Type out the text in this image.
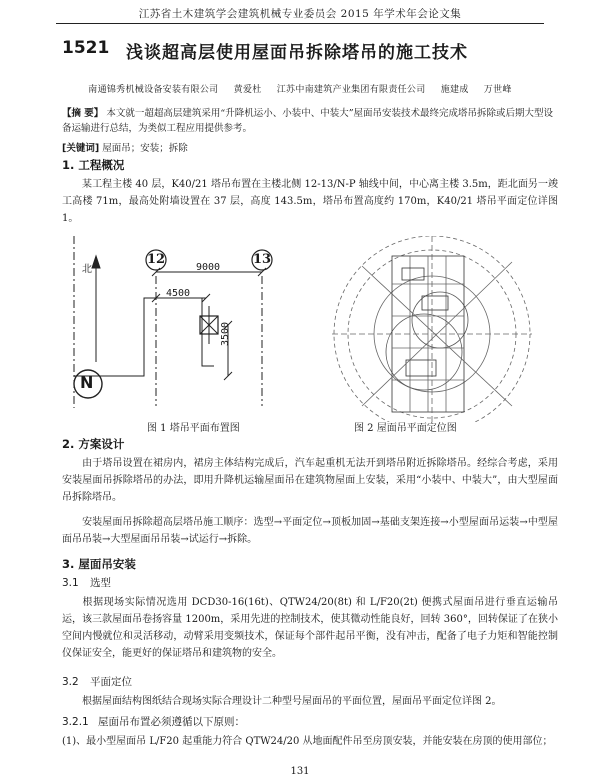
江苏省土木建筑学会建筑机械专业委员会 2015 年学术年会论文集
1521 浅谈超高层使用屋面吊拆除塔吊的施工技术
南通锦秀机械设备安装有限公司 黄爱杜 江苏中南建筑产业集团有限责任公司 施建成 万世峰
【摘 要】 本文就一超超高层建筑采用“升降机运小、小装中、中装大”屋面吊安装技术最终完成塔吊拆除或后期大型设备运输进行总结，为类似工程应用提供参考。
[关键词] 屋面吊；安装；拆除
1. 工程概况
某工程主楼 40 层，K40/21 塔吊布置在主楼北侧 12-13/N-P 轴线中间，中心离主楼 3.5m，距北面另一竣工高楼 71m，最高处附墙设置在 37 层，高度 143.5m，塔吊布置高度约 170m，K40/21 塔吊平面定位详图 1。
北
N
12	13
9000
4500
3500
图 1 塔吊平面布置图	图 2 屋面吊平面定位图
2. 方案设计
由于塔吊设置在裙房内，裙房主体结构完成后，汽车起重机无法开到塔吊附近拆除塔吊。经综合考虑，采用安装屋面吊拆除塔吊的办法，即用升降机运输屋面吊在建筑物屋面上安装，采用“小装中、中装大”，由大型屋面吊拆除塔吊。
安装屋面吊拆除超高层塔吊施工顺序：选型→平面定位→顶板加固→基础支架连接→小型屋面吊运装→中型屋面吊吊装→大型屋面吊吊装→试运行→拆除。
3. 屋面吊安装
3.1 选型
根据现场实际情况选用 DCD30-16(16t)、QTW24/20(8t) 和 L/F20(2t) 便携式屋面吊进行垂直运输吊运，该三款屋面吊卷扬容量 1200m，采用先进的控制技术，使其微动性能良好，回转 360°，回转保证了在狭小空间内慢就位和灵活移动，动臂采用变频技术，保证每个部件起吊平衡，没有冲击，配备了电子力矩和智能控制仪保证安全，能更好的保证塔吊和建筑物的安全。
3.2 平面定位
根据屋面结构图纸结合现场实际合理设计二种型号屋面吊的平面位置，屋面吊平面定位详图 2。
3.2.1 屋面吊布置必须遵循以下原则：
(1)、最小型屋面吊 L/F20 起重能力符合 QTW24/20 从地面配件吊至房顶安装，并能安装在房顶的使用部位；
131
